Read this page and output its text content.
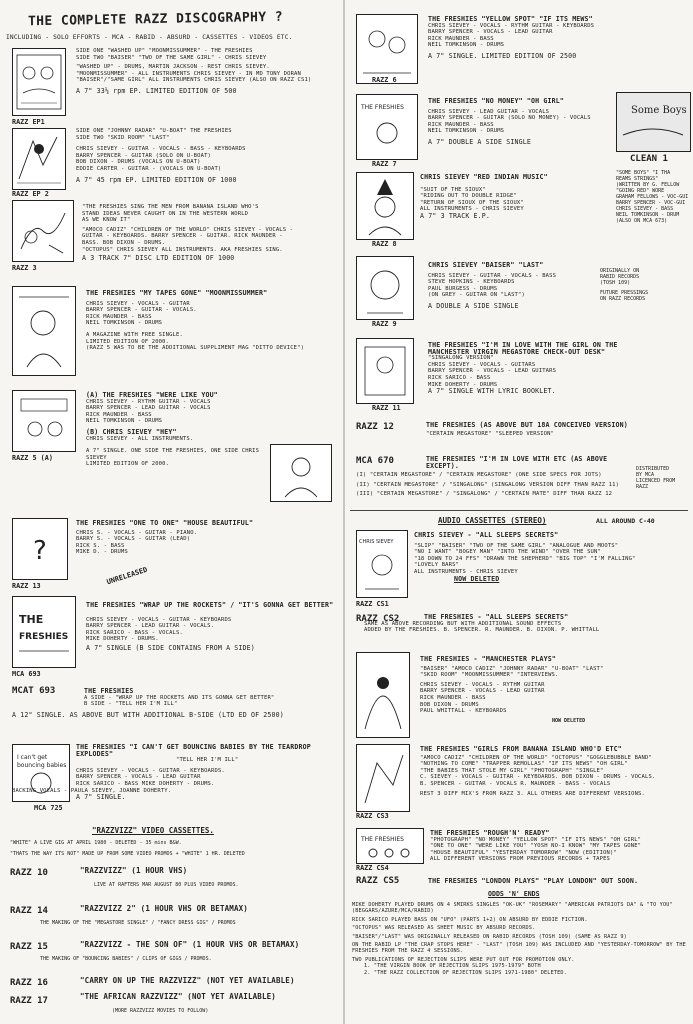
THE COMPLETE RAZZ DISCOGRAPHY ?
INCLUDING - SOLO EFFORTS - MCA - RABID - ABSURD - CASSETTES - VIDEOS ETC.
RAZZ EP1
SIDE ONE "WASHED UP" "MOONMISSUMMER" - THE FRESHIES
SIDE TWO "BAISER" "TWO OF THE SAME GIRL" - CHRIS SIEVEY
"WASHED UP" - DRUMS, MARTIN JACKSON - REST CHRIS SIEVEY.
"MOONMISSUMMER" - ALL INSTRUMENTS CHRIS SIEVEY - IN MD TONY DORAN
"BAISER"/"SAME GIRL" ALL INSTRUMENTS CHRIS SIEVEY (ALSO ON RAZZ CS1)
A 7" 33⅓ rpm EP. LIMITED EDITION OF 500
RAZZ EP 2
SIDE ONE "JOHNNY RADAR" "U-BOAT" THE FRESHIES
SIDE TWO "SKID ROOM" "LAST"
CHRIS SIEVEY - GUITAR - VOCALS - BASS - KEYBOARDS
BARRY SPENCER - GUITAR (SOLO ON U-BOAT)
BOB DIXON - DRUMS (VOCALS ON U-BOAT)
EDDIE CARTER - GUITAR - (VOCALS ON U-BOAT)
A 7" 45 rpm EP. LIMITED EDITION OF 1000
RAZZ 3
"THE FRESHIES SING THE MEN FROM BANANA ISLAND WHO'S
STAND IDEAS NEVER CAUGHT ON IN THE WESTERN WORLD
AS WE KNOW IT"
"AMOCO CADIZ" "CHILDREN OF THE WORLD" CHRIS SIEVEY - VOCALS -
GUITAR - KEYBOARDS. BARRY SPENCER - GUITAR. RICK MAUNDER -
BASS. BOB DIXON - DRUMS.
"OCTOPUS" CHRIS SIEVEY ALL INSTRUMENTS. AKA FRESHIES SING.
A 3 TRACK 7" DISC LTD EDITION OF 1000
THE FRESHIES "MY TAPES GONE" "MOONMISSUMMER"
CHRIS SIEVEY - VOCALS - GUITAR
BARRY SPENCER - GUITAR - VOCALS.
RICK MAUNDER - BASS
NEIL TOMKINSON - DRUMS
A MAGAZINE WITH FREE SINGLE.
LIMITED EDITION OF 2000.
(RAZZ 5 WAS TO BE THE ADDITIONAL SUPPLIMENT MAG "DITTO DEVICE")
RAZZ 5 (A)
(A) THE FRESHIES "WERE LIKE YOU"
CHRIS SIEVEY - RYTHM GUITAR - VOCALS
BARRY SPENCER - LEAD GUITAR - VOCALS
RICK MAUNDER - BASS
NEIL TOMKINSON - DRUMS
(B) CHRIS SIEVEY "HEY"
CHRIS SIEVEY - ALL INSTRUMENTS.
A 7" SINGLE. ONE SIDE THE FRESHIES, ONE SIDE CHRIS SIEVEY
LIMITED EDITION OF 2000.
?
RAZZ 13
THE FRESHIES "ONE TO ONE" "HOUSE BEAUTIFUL"
CHRIS S. - VOCALS - GUITAR - PIANO.
BARRY S. - VOCALS - GUITAR (LEAD)
RICK S. - BASS
MIKE D. - DRUMS
UNRELEASED
THE
FRESHIES
MCA 693
THE FRESHIES "WRAP UP THE ROCKETS" / "IT'S GONNA GET BETTER"
CHRIS SIEVEY - VOCALS - GUITAR - KEYBOARDS
BARRY SPENCER - LEAD GUITAR - VOCALS.
RICK SARICO - BASS - VOCALS.
MIKE DOHERTY - DRUMS.
A 7" SINGLE (B SIDE CONTAINS FROM A SIDE)
MCAT 693	THE FRESHIES
A SIDE - "WRAP UP THE ROCKETS AND ITS GONNA GET BETTER"
B SIDE - "TELL HER I'M ILL"
A 12" SINGLE. AS ABOVE BUT WITH ADDITIONAL B-SIDE (LTD ED OF 2500)
I can't get
bouncing babies
MCA 725
THE FRESHIES "I CAN'T GET BOUNCING BABIES BY THE TEARDROP EXPLODES"
"TELL HER I'M ILL"
CHRIS SIEVEY - VOCALS - GUITAR - KEYBOARDS.
BARRY SPENCER - VOCALS - LEAD GUITAR
RICK SARICO - BASS MIKE DOHERTY - DRUMS.
BACKING VOCALS - PAULA SIEVEY, JOANNE DOHERTY.
A 7" SINGLE.
"RAZZVIZZ" VIDEO CASSETTES.
"WHITE" A LIVE GIG AT APRIL 1980 - DELETED - 35 mins B&W.
"THATS THE WAY ITS NOT" MADE UP FROM SOME VIDEO PROMOS + "WHITE" 1 HR. DELETED
RAZZ 10	"RAZZVIZZ" (1 HOUR VHS)
LIVE AT RAFTERS MAR AUGUST 80 PLUS VIDEO PROMOS.
RAZZ 14	"RAZZVIZZ 2" (1 HOUR VHS OR BETAMAX)
THE MAKING OF THE "MEGASTORE SINGLE" / "FANCY DRESS GIG" / PROMOS
RAZZ 15	"RAZZVIZZ - THE SON OF" (1 HOUR VHS OR BETAMAX)
THE MAKING OF "BOUNCING BABIES" / CLIPS OF GIGS / PROMOS.
RAZZ 16	"CARRY ON UP THE RAZZVIZZ" (NOT YET AVAILABLE)
RAZZ 17	"THE AFRICAN RAZZVIZZ" (NOT YET AVAILABLE)
(MORE RAZZVIZZ MOVIES TO FOLLOW)
RAZZ 6
THE FRESHIES "YELLOW SPOT" "IF ITS MEWS"
CHRIS SIEVEY - VOCALS - RYTHM GUITAR - KEYBOARDS
BARRY SPENCER - VOCALS - LEAD GUITAR
RICK MAUNDER - BASS
NEIL TOMKINSON - DRUMS
A 7" SINGLE. LIMITED EDITION OF 2500
THE FRESHIES
RAZZ 7
THE FRESHIES "NO MONEY" "OH GIRL"
CHRIS SIEVEY - LEAD GUITAR - VOCALS
BARRY SPENCER - GUITAR (SOLO NO MONEY) - VOCALS
RICK MAUNDER - BASS
NEIL TOMKINSON - DRUMS
A 7" DOUBLE A SIDE SINGLE
Some Boys
CLEAN 1
"SOME BOYS" "I THA
REAMS STRINGS"
(WRITTEN BY G. FELLOW
"GOING RED" WORE
GRAHAM FELLOWS - VOC-GUI
BARRY SPENCER - VOC-GUI
CHRIS SIEVEY - BASS
NEIL TOMKINSON - DRUM
(ALSO ON MCA 673)
RAZZ 8
CHRIS SIEVEY "RED INDIAN MUSIC"
"SUIT OF THE SIOUX"
"RIDING OUT TO DOUBLE RIDGE"
"RETURN OF SIOUX OF THE SIOUX"
ALL INSTRUMENTS - CHRIS SIEVEY
A 7" 3 TRACK E.P.
RAZZ 9
CHRIS SIEVEY "BAISER" "LAST"
CHRIS SIEVEY - GUITAR - VOCALS - BASS
STEVE HOPKINS - KEYBOARDS
PAUL BURGESS - DRUMS
(ON GREY - GUITAR ON "LAST")
A DOUBLE A SIDE SINGLE
ORIGINALLY ON
RABID RECORDS
(TOSH 109)
FUTURE PRESSINGS
ON RAZZ RECORDS
RAZZ 11
THE FRESHIES "I'M IN LOVE WITH THE GIRL ON THE
MANCHESTER VIRGIN MEGASTORE CHECK-OUT DESK"
"SINGALONG VERSION"
CHRIS SIEVEY - VOCALS - GUITARS
BARRY SPENCER - VOCALS - LEAD GUITARS
RICK SARICO - BASS
MIKE DOHERTY - DRUMS
A 7" SINGLE WITH LYRIC BOOKLET.
RAZZ 12	THE FRESHIES (AS ABOVE BUT 18A CONCEIVED VERSION)
"CERTAIN MEGASTORE" "SLEEPED VERSION"
MCA 670	THE FRESHIES "I'M IN LOVE WITH ETC (AS ABOVE EXCEPT).
(I) "CERTAIN MEGASTORE" / "CERTAIN MEGASTORE" (ONE SIDE SPECS FOR JOTS)
(II) "CERTAIN MEGASTORE" / "SINGALONG" (SINGALONG VERSION DIFF THAN RAZZ 11)
(III) "CERTAIN MEGASTORE" / "SINGALONG" / "CERTAIN MATE" DIFF THAN RAZZ 12
DISTRIBUTED
BY MCA
LICENCED FROM
RAZZ
AUDIO CASSETTES (STEREO)	ALL AROUND C-40
CHRIS SIEVEY
RAZZ CS1
CHRIS SIEVEY - "ALL SLEEPS SECRETS"
"SLIP" "BAISER" "TWO OF THE SAME GIRL" "ANALOGUE AND MOOTS"
"NO I WANT" "BOGEY MAN" "INTO THE WIND" "OVER THE SUN"
"18 DOWN TO 24 FFS" "DRAWN THE SHEPHERD" "BIG TOP" "I'M FALLING"
"LOVELY BARS"
ALL INSTRUMENTS - CHRIS SIEVEY
NOW DELETED
RAZZ CS2	THE FRESHIES - "ALL SLEEPS SECRETS"
SAME AS ABOVE RECORDING BUT WITH ADDITIONAL SOUND EFFECTS
ADDED BY THE FRESHIES. B. SPENCER. R. MAUNDER. B. DIXON. P. WHITTALL
THE FRESHIES - "MANCHESTER PLAYS"
"BAISER" "AMOCO CADIZ" "JOHNNY RADAR" "U-BOAT" "LAST"
"SKID ROOM" "MOONMISSUMMER" "INTERVIEWS.
CHRIS SIEVEY - VOCALS - RYTHM GUITAR
BARRY SPENCER - VOCALS - LEAD GUITAR
RICK MAUNDER - BASS
BOB DIXON - DRUMS
PAUL WHITTALL - KEYBOARDS
NOW DELETED
RAZZ CS3
THE FRESHIES "GIRLS FROM BANANA ISLAND WHO'D ETC"
"AMOCO CADIZ" "CHILDREN OF THE WORLD" "OCTOPUS" "GOGGLEBUBBLE BAND"
"NOTHING TO COME" "TRAPPER REMOLLAS" "IF ITS NEWS" "OH GIRL"
"THE BABIES THAT STOLE MY GIRL" "PHOTOGRAPH" "SINGLE"
C. SIEVEY - VOCALS - GUITAR - KEYBOARDS. BOB DIXON - DRUMS - VOCALS.
B. SPENCER - GUITAR - VOCALS R. MAUNDER - BASS - VOCALS
REST 3 DIFF MIX'S FROM RAZZ 3. ALL OTHERS ARE DIFFERENT VERSIONS.
THE FRESHIES
RAZZ CS4
THE FRESHIES "ROUGH'N' READY"
"PHOTOGRAPH" "NO MONEY" "YELLOW SPOT" "IF ITS NEWS" "OH GIRL"
"ONE TO ONE" "WERE LIKE YOU" "YOSH NO-I KNOW" "MY TAPES GONE"
"HOUSE BEAUTIFUL" "YESTERDAY TOMORROW" "NOW (EDITION)"
ALL DIFFERENT VERSIONS FROM PREVIOUS RECORDS + TAPES
RAZZ CS5	THE FRESHIES "LONDON PLAYS" "PLAY LONDON" OUT SOON.
ODDS 'N' ENDS
MIKE DOHERTY PLAYED DRUMS ON 4 SMIRKS SINGLES "OK-UK" "ROSEMARY" "AMERICAN PATRIOTS DA" & "TO YOU" (BEGGARS/AZURE/MCA/RABID)
RICK SARICO PLAYED BASS ON "UFO" (PARTS 1+2) ON ABSURD BY EDDIE FICTION.
"OCTOPUS" WAS RELEASED AS SHEET MUSIC BY ABSURD RECORDS.
"BAISER"/"LAST" WAS ORIGINALLY RELEASED ON RABID RECORDS (TOSH 109) (SAME AS RAZZ 9)
ON THE RABID LP "THE CRAP STOPS HERE" - "LAST" (TOSH 109) WAS INCLUDED AND "YESTERDAY-TOMORROW" BY THE FRESHIES FROM THE RAZZ 4 SESSIONS.
TWO PUBLICATIONS OF REJECTION SLIPS WERE PUT OUT FOR PROMOTION ONLY.
1. "THE VIRGIN BOOK OF REJECTION SLIPS 1975-1979" BOTH
2. "THE RAZZ COLLECTION OF REJECTION SLIPS 1971-1980" DELETED.
